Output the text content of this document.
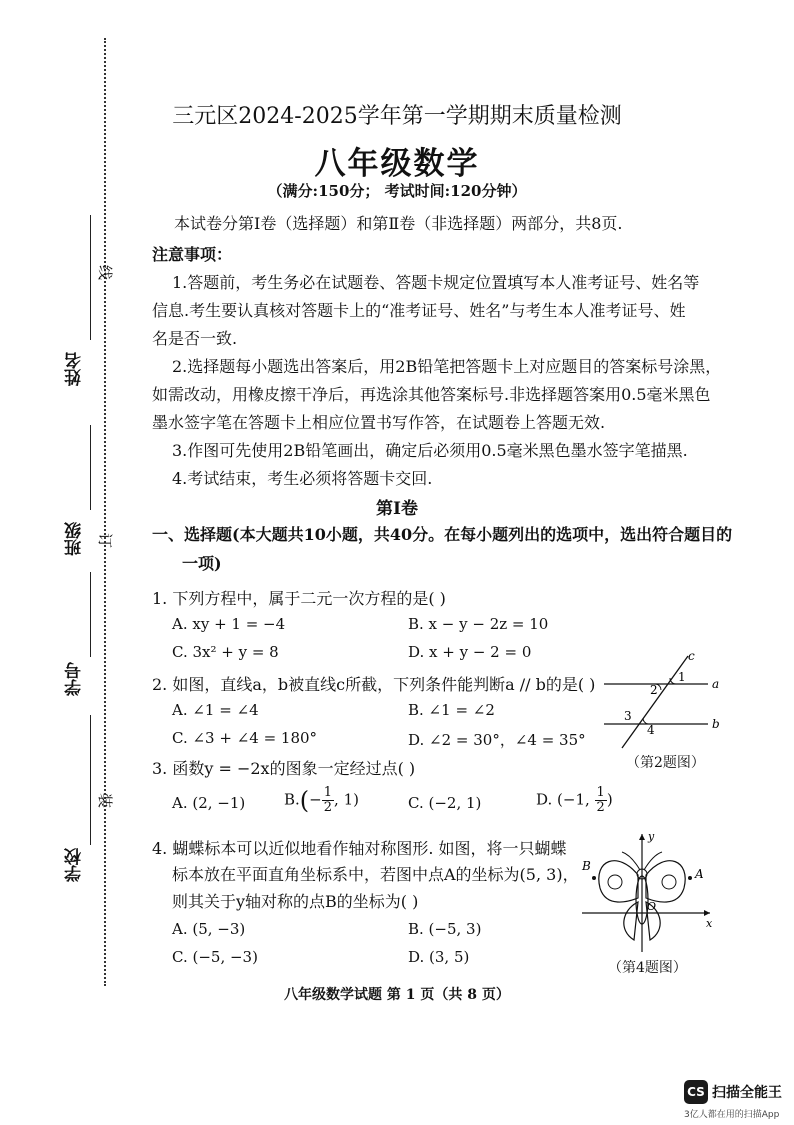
线
订
装
姓名
班级
学号
学校
三元区2024-2025学年第一学期期末质量检测
八年级数学
（满分:150分； 考试时间:120分钟）
本试卷分第Ⅰ卷（选择题）和第Ⅱ卷（非选择题）两部分，共8页.
注意事项：
1.答题前，考生务必在试题卷、答题卡规定位置填写本人准考证号、姓名等
信息.考生要认真核对答题卡上的“准考证号、姓名”与考生本人准考证号、姓
名是否一致.
2.选择题每小题选出答案后，用2B铅笔把答题卡上对应题目的答案标号涂黑，
如需改动，用橡皮擦干净后，再选涂其他答案标号.非选择题答案用0.5毫米黑色
墨水签字笔在答题卡上相应位置书写作答，在试题卷上答题无效.
3.作图可先使用2B铅笔画出，确定后必须用0.5毫米黑色墨水签字笔描黑.
4.考试结束，考生必须将答题卡交回.
第Ⅰ卷
一、选择题(本大题共10小题，共40分。在每小题列出的选项中，选出符合题目的
一项)
1. 下列方程中，属于二元一次方程的是( )
A. xy + 1 = −4	B. x − y − 2z = 10
C. 3x² + y = 8	D. x + y − 2 = 0
2. 如图，直线a，b被直线c所截，下列条件能判断a // b的是( )
A. ∠1 = ∠4	B. ∠1 = ∠2
C. ∠3 + ∠4 = 180°	D. ∠2 = 30°，∠4 = 35°
c
a
b
1
2
3
4
（第2题图）
3. 函数y = −2x的图象一定经过点( )
A. (2, −1)	$B.(- \frac{1}{2}$ , 1)	C. (−2, 1)	D. (−1, $\frac{1}{2}$ )
4. 蝴蝶标本可以近似地看作轴对称图形. 如图，将一只蝴蝶
标本放在平面直角坐标系中，若图中点A的坐标为(5, 3)，
则其关于y轴对称的点B的坐标为( )
A. (5, −3)	B. (−5, 3)
C. (−5, −3)	D. (3, 5)
y
x
O
A
B
（第4题图）
八年级数学试题 第 1 页（共 8 页）
CS 扫描全能王
3亿人都在用的扫描App
